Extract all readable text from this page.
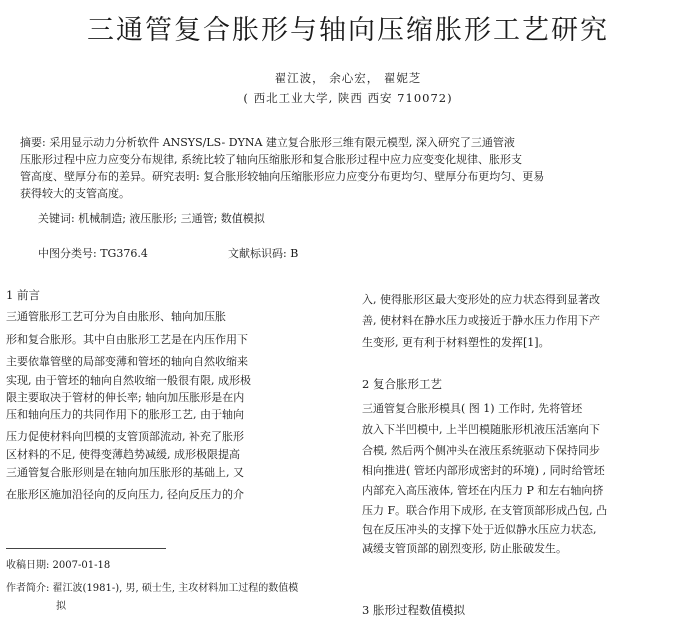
三通管复合胀形与轴向压缩胀形工艺研究
翟江波， 余心宏， 翟妮芝
( 西北工业大学, 陕西 西安 710072)
摘要: 采用显示动力分析软件 ANSYS/LS- DYNA 建立复合胀形三维有限元模型, 深入研究了三通管液
压胀形过程中应力应变分布规律, 系统比较了轴向压缩胀形和复合胀形过程中应力应变变化规律、胀形支
管高度、壁厚分布的差异。研究表明: 复合胀形较轴向压缩胀形应力应变分布更均匀、壁厚分布更均匀、更易
获得较大的支管高度。
关键词: 机械制造; 液压胀形; 三通管; 数值模拟
中图分类号: TG376.4	文献标识码: B
1 前言
三通管胀形工艺可分为自由胀形、轴向加压胀
形和复合胀形。其中自由胀形工艺是在内压作用下
主要依靠管壁的局部变薄和管坯的轴向自然收缩来
实现, 由于管坯的轴向自然收缩一般很有限, 成形极
限主要取决于管材的伸长率; 轴向加压胀形是在内
压和轴向压力的共同作用下的胀形工艺, 由于轴向
压力促使材料向凹模的支管顶部流动, 补充了胀形
区材料的不足, 使得变薄趋势减缓, 成形极限提高
三通管复合胀形则是在轴向加压胀形的基础上, 又
在胀形区施加沿径向的反向压力, 径向反压力的介
收稿日期: 2007-01-18
作者简介: 翟江波(1981-), 男, 硕士生, 主攻材料加工过程的数值模
拟
入, 使得胀形区最大变形处的应力状态得到显著改
善, 使材料在静水压力或接近于静水压力作用下产
生变形, 更有利于材料塑性的发挥[1]。
2 复合胀形工艺
三通管复合胀形模具( 图 1) 工作时, 先将管坯
放入下半凹模中, 上半凹模随胀形机液压活塞向下
合模, 然后两个侧冲头在液压系统驱动下保持同步
相向推进( 管坯内部形成密封的环境) , 同时给管坯
内部充入高压液体, 管坯在内压力 P 和左右轴向挤
压力 F。联合作用下成形, 在支管顶部形成凸包, 凸
包在反压冲头的支撑下处于近似静水压应力状态,
减缓支管顶部的剧烈变形, 防止胀破发生。
3 胀形过程数值模拟
